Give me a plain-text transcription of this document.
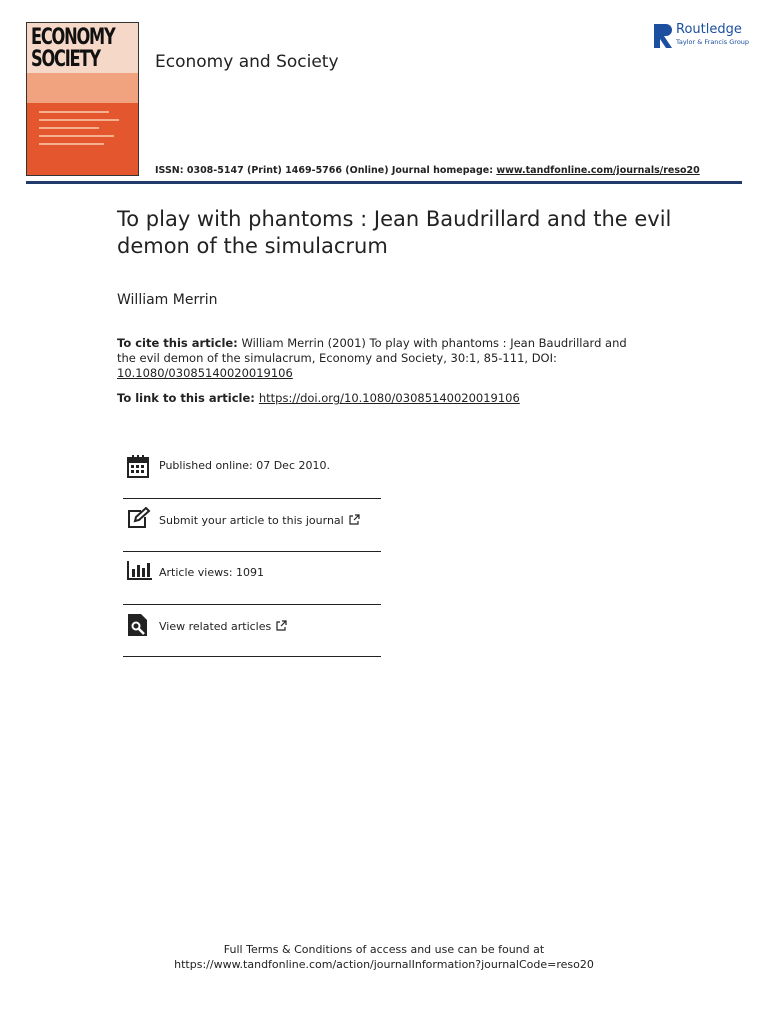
ECONOMY
SOCIETY	Economy and Society
Routledge
Taylor & Francis Group
ISSN: 0308-5147 (Print) 1469-5766 (Online) Journal homepage: www.tandfonline.com/journals/reso20
To play with phantoms : Jean Baudrillard and the evil demon of the simulacrum
William Merrin
To cite this article: William Merrin (2001) To play with phantoms : Jean Baudrillard and the evil demon of the simulacrum, Economy and Society, 30:1, 85-111, DOI: 10.1080/03085140020019106
To link to this article: https://doi.org/10.1080/03085140020019106
Published online: 07 Dec 2010.
Submit your article to this journal
Article views: 1091
View related articles
Full Terms & Conditions of access and use can be found at
https://www.tandfonline.com/action/journalInformation?journalCode=reso20
